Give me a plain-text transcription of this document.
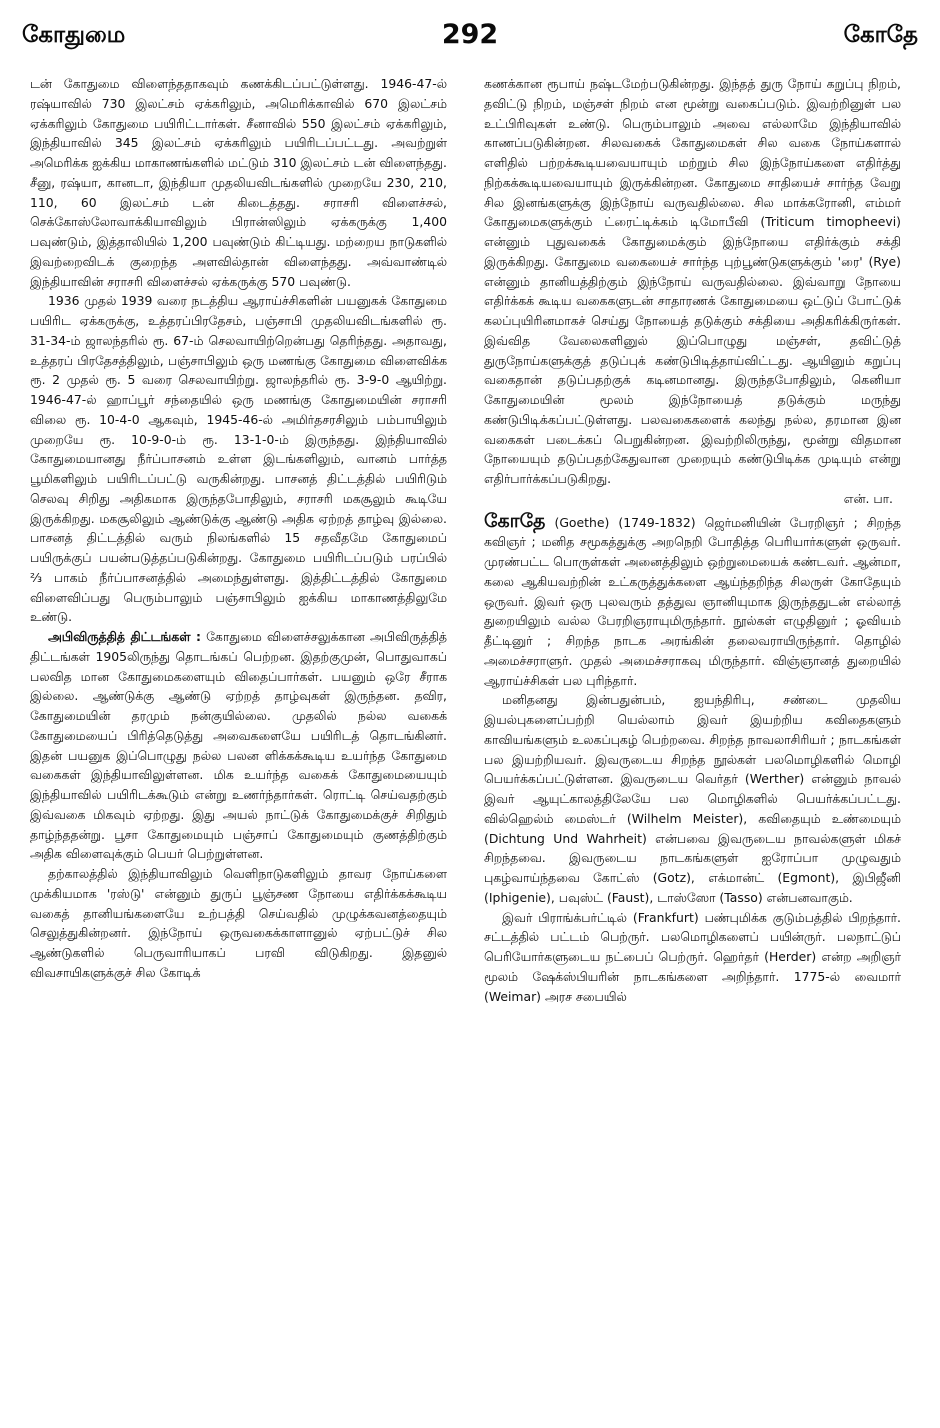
கோதுமை	292	கோதே

டன் கோதுமை விளைந்ததாகவும் கணக்கிடப்பட்டுள்ளது. 1946-47-ல் ரஷ்யாவில் 730 இலட்சம் ஏக்கரிலும், அமெரிக்காவில் 670 இலட்சம் ஏக்கரிலும் கோதுமை பயிரிட்டார்கள். சீனாவில் 550 இலட்சம் ஏக்கரிலும், இந்தியாவில் 345 இலட்சம் ஏக்கரிலும் பயிரிடப்பட்டது. அவற்றுள் அமெரிக்க ஐக்கிய மாகாணங்களில் மட்டும் 310 இலட்சம் டன் விளைந்தது. சீனு, ரஷ்யா, கானடா, இந்தியா முதலியவிடங்களில் முறையே 230, 210, 110, 60 இலட்சம் டன் கிடைத்தது. சராசரி விளைச்சல், செக்கோஸ்லோவாக்கியாவிலும் பிரான்ஸிலும் ஏக்கருக்கு 1,400 பவுண்டும், இத்தாலியில் 1,200 பவுண்டும் கிட்டியது. மற்றைய நாடுகளில் இவற்றைவிடக் குறைந்த அளவில்தான் விளைந்தது. அவ்வாண்டில் இந்தியாவின் சராசரி விளைச்சல் ஏக்கருக்கு 570 பவுண்டு.

1936 முதல் 1939 வரை நடத்திய ஆராய்ச்சிகளின் பயனுகக் கோதுமை பயிரிட ஏக்கருக்கு, உத்தரப்பிரதேசம், பஞ்சாபி முதலியவிடங்களில் ரூ. 31-34-ம் ஜாலந்தரில் ரூ. 67-ம் செலவாயிற்றென்பது தெரிந்தது. அதாவது, உத்தரப் பிரதேசத்திலும், பஞ்சாபிலும் ஒரு மணங்கு கோதுமை விளைவிக்க ரூ. 2 முதல் ரூ. 5 வரை செலவாயிற்று. ஜாலந்தரில் ரூ. 3-9-0 ஆயிற்று. 1946-47-ல் ஹாப்பூர் சந்தையில் ஒரு மணங்கு கோதுமையின் சராசரி விலை ரூ. 10-4-0 ஆகவும், 1945-46-ல் அமிர்தசரசிலும் பம்பாயிலும் முறையே ரூ. 10-9-0-ம் ரூ. 13-1-0-ம் இருந்தது. இந்தியாவில் கோதுமையானது நீர்ப்பாசனம் உள்ள இடங்களிலும், வானம் பார்த்த பூமிகளிலும் பயிரிடப்பட்டு வருகின்றது. பாசனத் திட்டத்தில் பயிரிடும் செலவு சிறிது அதிகமாக இருந்தபோதிலும், சராசரி மகசூலும் கூடியே இருக்கிறது. மகசூலிலும் ஆண்டுக்கு ஆண்டு அதிக ஏற்றத் தாழ்வு இல்லை. பாசனத் திட்டத்தில் வரும் நிலங்களில் 15 சதவீதமே கோதுமைப் பயிருக்குப் பயன்படுத்தப்படுகின்றது. கோதுமை பயிரிடப்படும் பரப்பில் ⅔ பாகம் நீர்ப்பாசனத்தில் அமைந்துள்ளது. இத்திட்டத்தில் கோதுமை விளைவிப்பது பெரும்பாலும் பஞ்சாபிலும் ஐக்கிய மாகாணத்திலுமே உண்டு.

அபிவிருத்தித் திட்டங்கள் : கோதுமை விளைச்சலுக்கான அபிவிருத்தித் திட்டங்கள் 1905லிருந்து தொடங்கப் பெற்றன. இதற்குமுன், பொதுவாகப் பலவித மான கோதுமைகளையும் விதைப்பார்கள். பயனும் ஒரே சீராக இல்லை. ஆண்டுக்கு ஆண்டு ஏற்றத் தாழ்வுகள் இருந்தன. தவிர, கோதுமையின் தரமும் நன்குயில்லை. முதலில் நல்ல வகைக் கோதுமையைப் பிரித்தெடுத்து அவைகளையே பயிரிடத் தொடங்கினர். இதன் பயனுக இப்பொழுது நல்ல பலன ளிக்கக்கூடிய உயர்ந்த கோதுமை வகைகள் இந்தியாவிலுள்ளன. மிக உயர்ந்த வகைக் கோதுமையையும் இந்தியாவில் பயிரிடக்கூடும் என்று உணர்ந்தார்கள். ரொட்டி செய்வதற்கும் இவ்வகை மிகவும் ஏற்றது. இது அயல் நாட்டுக் கோதுமைக்குச் சிறிதும் தாழ்ந்ததன்று. பூசா கோதுமையும் பஞ்சாப் கோதுமையும் குணத்திற்கும் அதிக விளைவுக்கும் பெயர் பெற்றுள்ளன.

தற்காலத்தில் இந்தியாவிலும் வெளிநாடுகளிலும் தாவர நோய்களை முக்கியமாக 'ரஸ்டு' என்னும் துருப் பூஞ்சண நோயை எதிர்க்கக்கூடிய வகைத் தானியங்களையே உற்பத்தி செய்வதில் முழுக்கவனத்தையும் செலுத்துகின்றனர். இந்நோய் ஒருவகைக்காளானுல் ஏற்பட்டுச் சில ஆண்டுகளில் பெருவாரியாகப் பரவி விடுகிறது. இதனுல் விவசாயிகளுக்குச் சில கோடிக்

கணக்கான ரூபாய் நஷ்டமேற்படுகின்றது. இந்தத் துரு நோய் கறுப்பு நிறம், தவிட்டு நிறம், மஞ்சள் நிறம் என மூன்று வகைப்படும். இவற்றினுள் பல உட்பிரிவுகள் உண்டு. பெரும்பாலும் அவை எல்லாமே இந்தியாவில் காணப்படுகின்றன. சிலவகைக் கோதுமைகள் சில வகை நோய்களால் எளிதில் பற்றக்கூடியவையாயும் மற்றும் சில இந்நோய்களை எதிர்த்து நிற்கக்கூடியவையாயும் இருக்கின்றன. கோதுமை சாதியைச் சார்ந்த வேறு சில இனங்களுக்கு இந்நோய் வருவதில்லை. சில மாக்கரோனி, எம்மர் கோதுமைகளுக்கும் ட்ரைட்டிக்கம் டிமோபீவி (Triticum timopheevi) என்னும் புதுவகைக் கோதுமைக்கும் இந்நோயை எதிர்க்கும் சக்தி இருக்கிறது. கோதுமை வகையைச் சார்ந்த புற்பூண்டுகளுக்கும் 'ரை' (Rye) என்னும் தானியத்திற்கும் இந்நோய் வருவதில்லை. இவ்வாறு நோயை எதிர்க்கக் கூடிய வகைகளுடன் சாதாரணக் கோதுமையை ஒட்டுப் போட்டுக் கலப்புயிரினமாகச் செய்து நோயைத் தடுக்கும் சக்தியை அதிகரிக்கிருர்கள். இவ்வித வேலைகளினுல் இப்பொழுது மஞ்சள், தவிட்டுத் துருநோய்களுக்குத் தடுப்புக் கண்டுபிடித்தாய்விட்டது. ஆயினும் கறுப்பு வகைதான் தடுப்பதற்குக் கடினமானது. இருந்தபோதிலும், கெனியா கோதுமையின் மூலம் இந்நோயைத் தடுக்கும் மருந்து கண்டுபிடிக்கப்பட்டுள்ளது. பலவகைகளைக் கலந்து நல்ல, தரமான இன வகைகள் படைக்கப் பெறுகின்றன. இவற்றிலிருந்து, மூன்று விதமான நோயையும் தடுப்பதற்கேதுவான முறையும் கண்டுபிடிக்க முடியும் என்று எதிர்பார்க்கப்படுகிறது.

என். பா.

கோதே (Goethe) (1749-1832) ஜெர்மனியின் பேரறிஞர் ; சிறந்த கவிஞர் ; மனித சமூகத்துக்கு அறநெறி போதித்த பெரியார்களுள் ஒருவர். முரண்பட்ட பொருள்கள் அனைத்திலும் ஒற்றுமையைக் கண்டவர். ஆன்மா, கலை ஆகியவற்றின் உட்கருத்துக்களை ஆய்ந்தறிந்த சிலருள் கோதேயும் ஒருவர். இவர் ஒரு புலவரும் தத்துவ ஞானியுமாக இருந்ததுடன் எல்லாத் துறையிலும் வல்ல பேரறிஞராயுமிருந்தார். நூல்கள் எழுதினுர் ; ஓவியம் தீட்டினுர் ; சிறந்த நாடக அரங்கின் தலைவராயிருந்தார். தொழில் அமைச்சராளுர். முதல் அமைச்சராகவு மிருந்தார். விஞ்ஞானத் துறையில் ஆராய்ச்சிகள் பல புரிந்தார்.

மனிதனது இன்பதுன்பம், ஐயந்திரிபு, சண்டை முதலிய இயல்புகளைப்பற்றி யெல்லாம் இவர் இயற்றிய கவிதைகளும் காவியங்களும் உலகப்புகழ் பெற்றவை. சிறந்த நாவலாசிரியர் ; நாடகங்கள் பல இயற்றியவர். இவருடைய சிறந்த நூல்கள் பலமொழிகளில் மொழி பெயர்க்கப்பட்டுள்ளன. இவருடைய வெர்தர் (Werther) என்னும் நாவல் இவர் ஆயுட்காலத்திலேயே பல மொழிகளில் பெயர்க்கப்பட்டது. வில்ஹெல்ம் மைஸ்டர் (Wilhelm Meister), கவிதையும் உண்மையும் (Dichtung Und Wahrheit) என்பவை இவருடைய நாவல்களுள் மிகச் சிறந்தவை. இவருடைய நாடகங்களுள் ஐரோப்பா முழுவதும் புகழ்வாய்ந்தவை கோட்ஸ் (Gotz), எக்மான்ட் (Egmont), இபிஜீனி (Iphigenie), பவுஸ்ட் (Faust), டாஸ்ஸோ (Tasso) என்பனவாகும்.

இவர் பிராங்க்பர்ட்டில் (Frankfurt) பண்புமிக்க குடும்பத்தில் பிறந்தார். சட்டத்தில் பட்டம் பெற்ருர். பலமொழிகளைப் பயின்ருர். பலநாட்டுப் பெரியோர்களுடைய நட்பைப் பெற்ருர். ஹெர்தர் (Herder) என்ற அறிஞர் மூலம் ஷேக்ஸ்பியரின் நாடகங்களை அறிந்தார். 1775-ல் வைமார் (Weimar) அரச சபையில்
